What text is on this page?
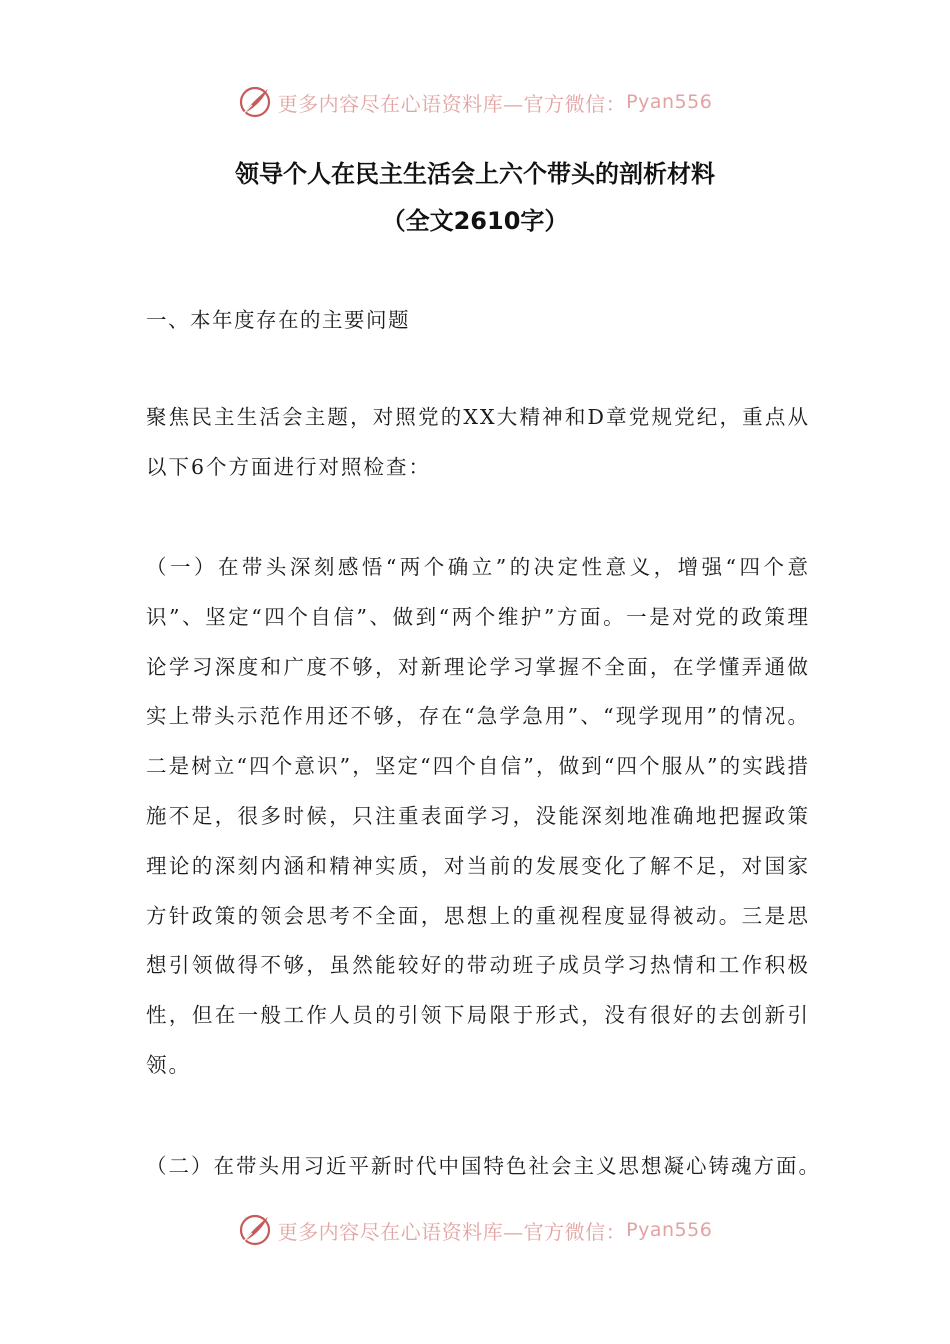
更多内容尽在心语资料库—官方微信： Pyan556
领导个人在民主生活会上六个带头的剖析材料
（全文2610字）

一、本年度存在的主要问题

聚焦民主生活会主题，对照党的XX大精神和D章党规党纪，重点从以下6个方面进行对照检查：

（一）在带头深刻感悟“两个确立”的决定性意义，增强“四个意识”、坚定“四个自信”、做到“两个维护”方面。一是对党的政策理论学习深度和广度不够，对新理论学习掌握不全面，在学懂弄通做实上带头示范作用还不够，存在“急学急用”、“现学现用”的情况。二是树立“四个意识”，坚定“四个自信”，做到“四个服从”的实践措施不足，很多时候，只注重表面学习，没能深刻地准确地把握政策理论的深刻内涵和精神实质，对当前的发展变化了解不足，对国家方针政策的领会思考不全面，思想上的重视程度显得被动。三是思想引领做得不够，虽然能较好的带动班子成员学习热情和工作积极性，但在一般工作人员的引领下局限于形式，没有很好的去创新引领。

（二）在带头用习近平新时代中国特色社会主义思想凝心铸魂方面。

更多内容尽在心语资料库—官方微信： Pyan556
